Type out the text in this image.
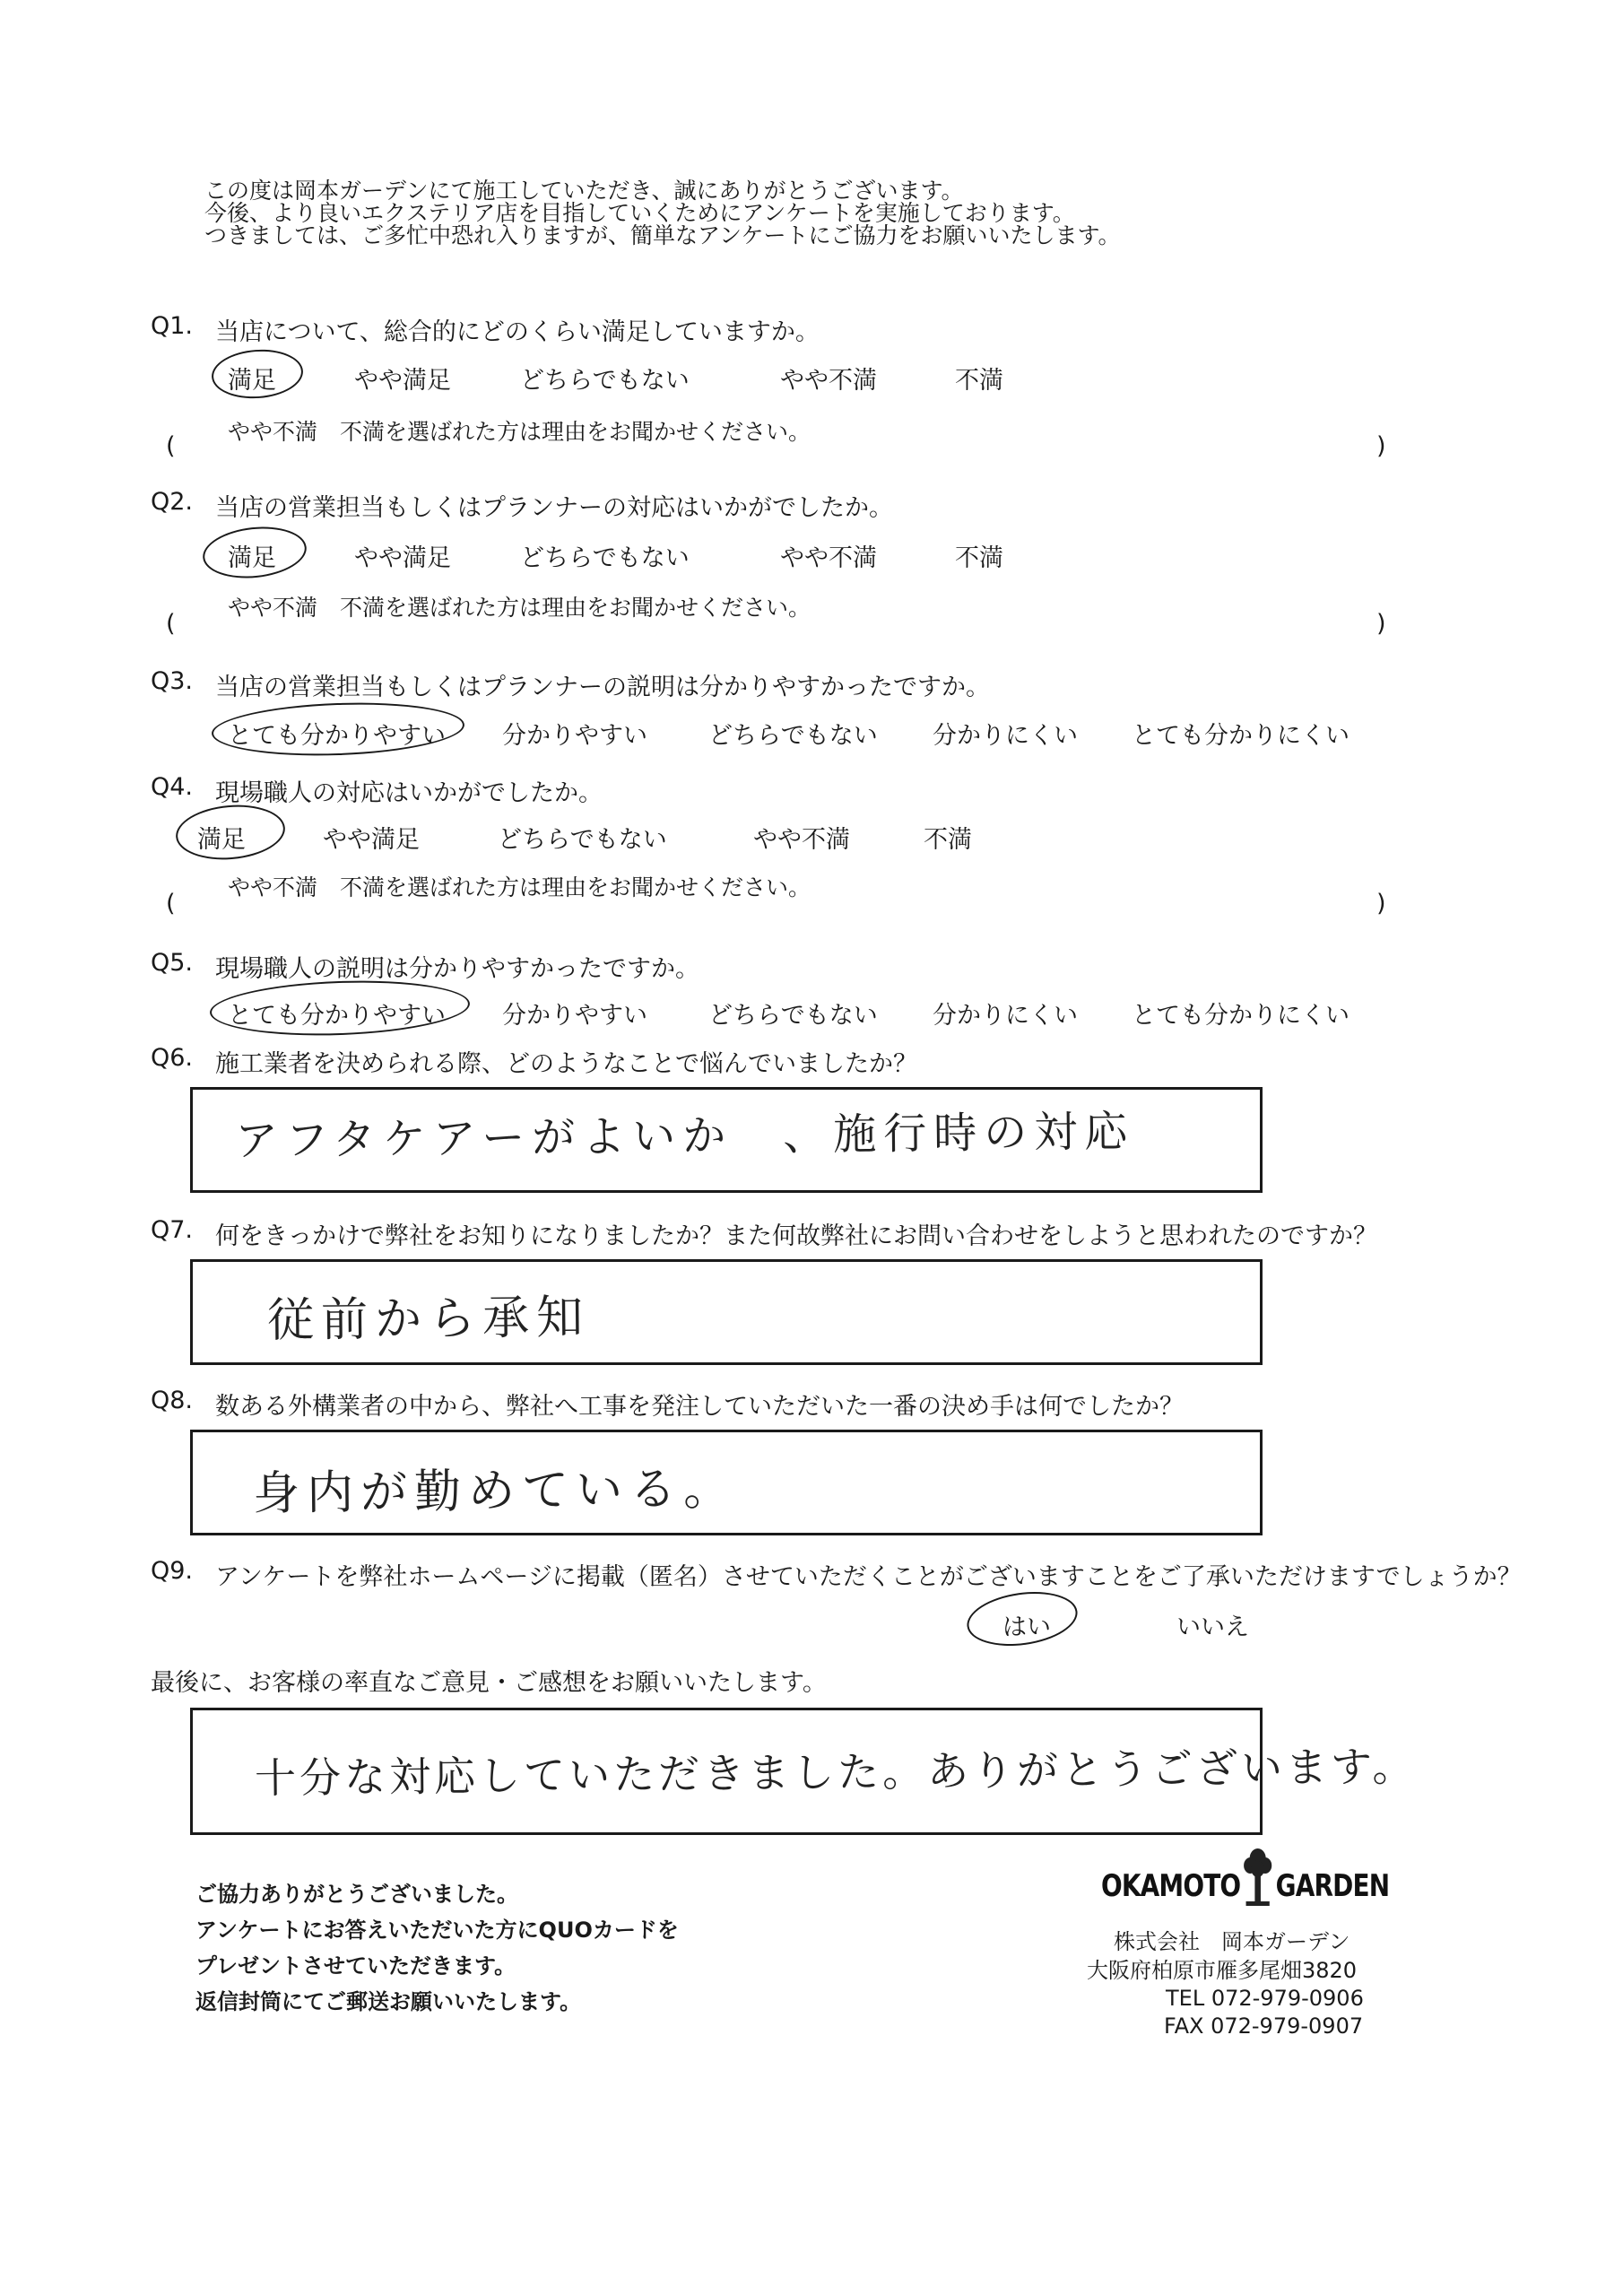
この度は岡本ガーデンにて施工していただき、誠にありがとうございます。
今後、より良いエクステリア店を目指していくためにアンケートを実施しております。
つきましては、ご多忙中恐れ入りますが、簡単なアンケートにご協力をお願いいたします。
Q1. 当店について、総合的にどのくらい満足していますか。
満足	やや満足	どちらでもない	やや不満	不満
やや不満　不満を選ばれた方は理由をお聞かせください。
(	)
Q2. 当店の営業担当もしくはプランナーの対応はいかがでしたか。
満足	やや満足	どちらでもない	やや不満	不満
やや不満　不満を選ばれた方は理由をお聞かせください。
(	)
Q3. 当店の営業担当もしくはプランナーの説明は分かりやすかったですか。
とても分かりやすい 分かりやすい	どちらでもない 分かりにくい とても分かりにくい
Q4. 現場職人の対応はいかがでしたか。
満足	やや満足	どちらでもない	やや不満	不満
やや不満　不満を選ばれた方は理由をお聞かせください。
(	)
Q5. 現場職人の説明は分かりやすかったですか。
とても分かりやすい 分かりやすい	どちらでもない 分かりにくい とても分かりにくい
Q6. 施工業者を決められる際、どのようなことで悩んでいましたか？
アフタケアーがよいか　、施行時の対応
Q7. 何をきっかけで弊社をお知りになりましたか？また何故弊社にお問い合わせをしようと思われたのですか？
従前から承知
Q8. 数ある外構業者の中から、弊社へ工事を発注していただいた一番の決め手は何でしたか？
身内が勤めている。
Q9. アンケートを弊社ホームページに掲載（匿名）させていただくことがございますことをご了承いただけますでしょうか？
はい	いいえ
最後に、お客様の率直なご意見・ご感想をお願いいたします。
十分な対応していただきました。ありがとうございます。
ご協力ありがとうございました。
アンケートにお答えいただいた方にQUOカードを
プレゼントさせていただきます。
返信封筒にてご郵送お願いいたします。
OKAMOTO GARDEN
株式会社　岡本ガーデン
大阪府柏原市雁多尾畑3820
TEL 072-979-0906
FAX 072-979-0907
